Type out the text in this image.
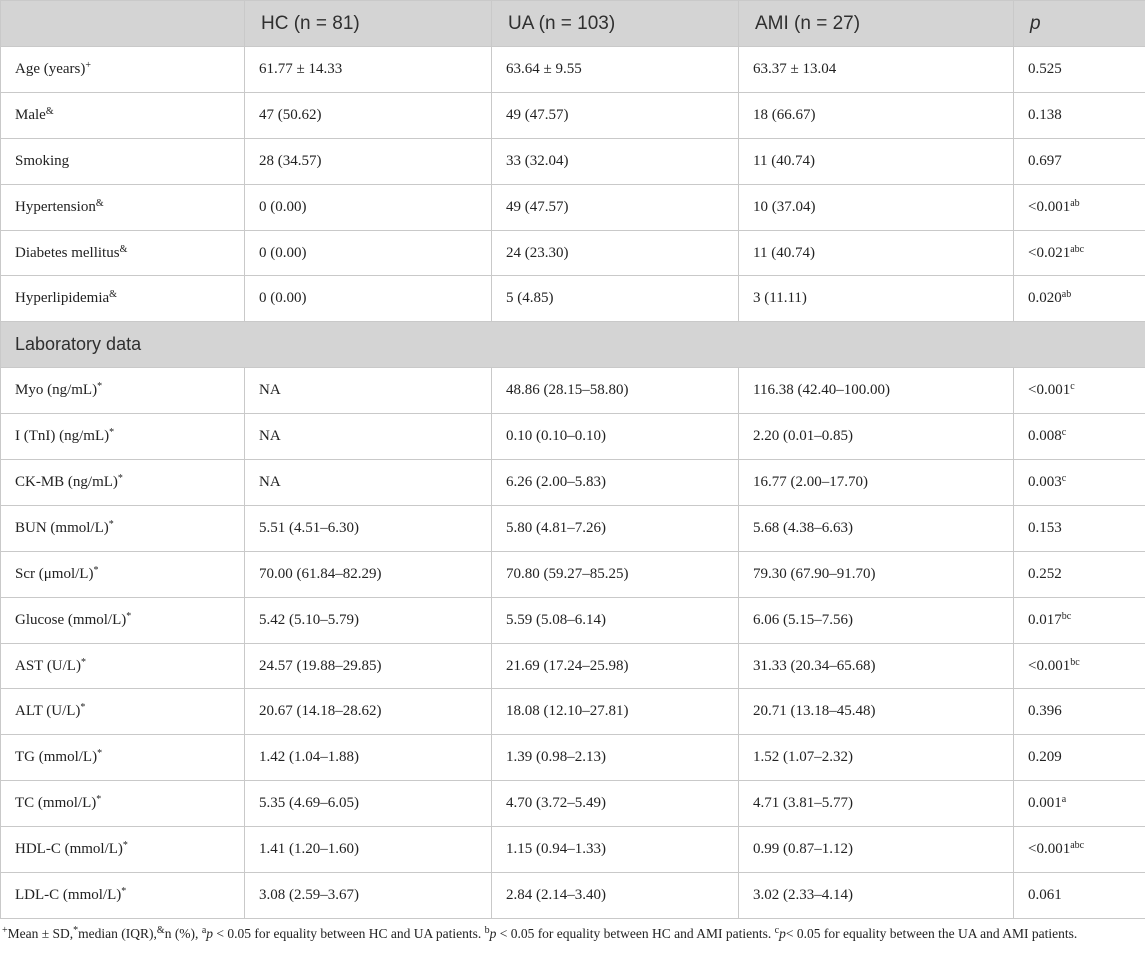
	HC (n = 81)	UA (n = 103)	AMI (n = 27)	p
Age (years)+	61.77 ± 14.33	63.64 ± 9.55	63.37 ± 13.04	0.525
Male&	47 (50.62)	49 (47.57)	18 (66.67)	0.138
Smoking	28 (34.57)	33 (32.04)	11 (40.74)	0.697
Hypertension&	0 (0.00)	49 (47.57)	10 (37.04)	<0.001$^{ab}$
Diabetes mellitus&	0 (0.00)	24 (23.30)	11 (40.74)	<0.021$^{abc}$
Hyperlipidemia&	0 (0.00)	5 (4.85)	3 (11.11)	0.020$^{ab}$
Laboratory data				
Myo (ng/mL)*	NA	48.86 (28.15–58.80)	116.38 (42.40–100.00)	<0.001$^c$
I (TnI) (ng/mL)*	NA	0.10 (0.10–0.10)	2.20 (0.01–0.85)	0.008$^c$
CK-MB (ng/mL)*	NA	6.26 (2.00–5.83)	16.77 (2.00–17.70)	0.003$^c$
BUN (mmol/L)*	5.51 (4.51–6.30)	5.80 (4.81–7.26)	5.68 (4.38–6.63)	0.153
Scr (μmol/L)*	70.00 (61.84–82.29)	70.80 (59.27–85.25)	79.30 (67.90–91.70)	0.252
Glucose (mmol/L)*	5.42 (5.10–5.79)	5.59 (5.08–6.14)	6.06 (5.15–7.56)	0.017$^{bc}$
AST (U/L)*	24.57 (19.88–29.85)	21.69 (17.24–25.98)	31.33 (20.34–65.68)	<0.001$^{bc}$
ALT (U/L)*	20.67 (14.18–28.62)	18.08 (12.10–27.81)	20.71 (13.18–45.48)	0.396
TG (mmol/L)*	1.42 (1.04–1.88)	1.39 (0.98–2.13)	1.52 (1.07–2.32)	0.209
TC (mmol/L)*	5.35 (4.69–6.05)	4.70 (3.72–5.49)	4.71 (3.81–5.77)	0.001$^a$
HDL-C (mmol/L)*	1.41 (1.20–1.60)	1.15 (0.94–1.33)	0.99 (0.87–1.12)	<0.001$^{abc}$
LDL-C (mmol/L)*	3.08 (2.59–3.67)	2.84 (2.14–3.40)	3.02 (2.33–4.14)	0.061
+Mean ± SD,*median (IQR),&n (%), $^a$p < 0.05 for equality between HC and UA patients. $^b$p < 0.05 for equality between HC and AMI patients. $^c$p< 0.05 for equality between the UA and AMI patients.
